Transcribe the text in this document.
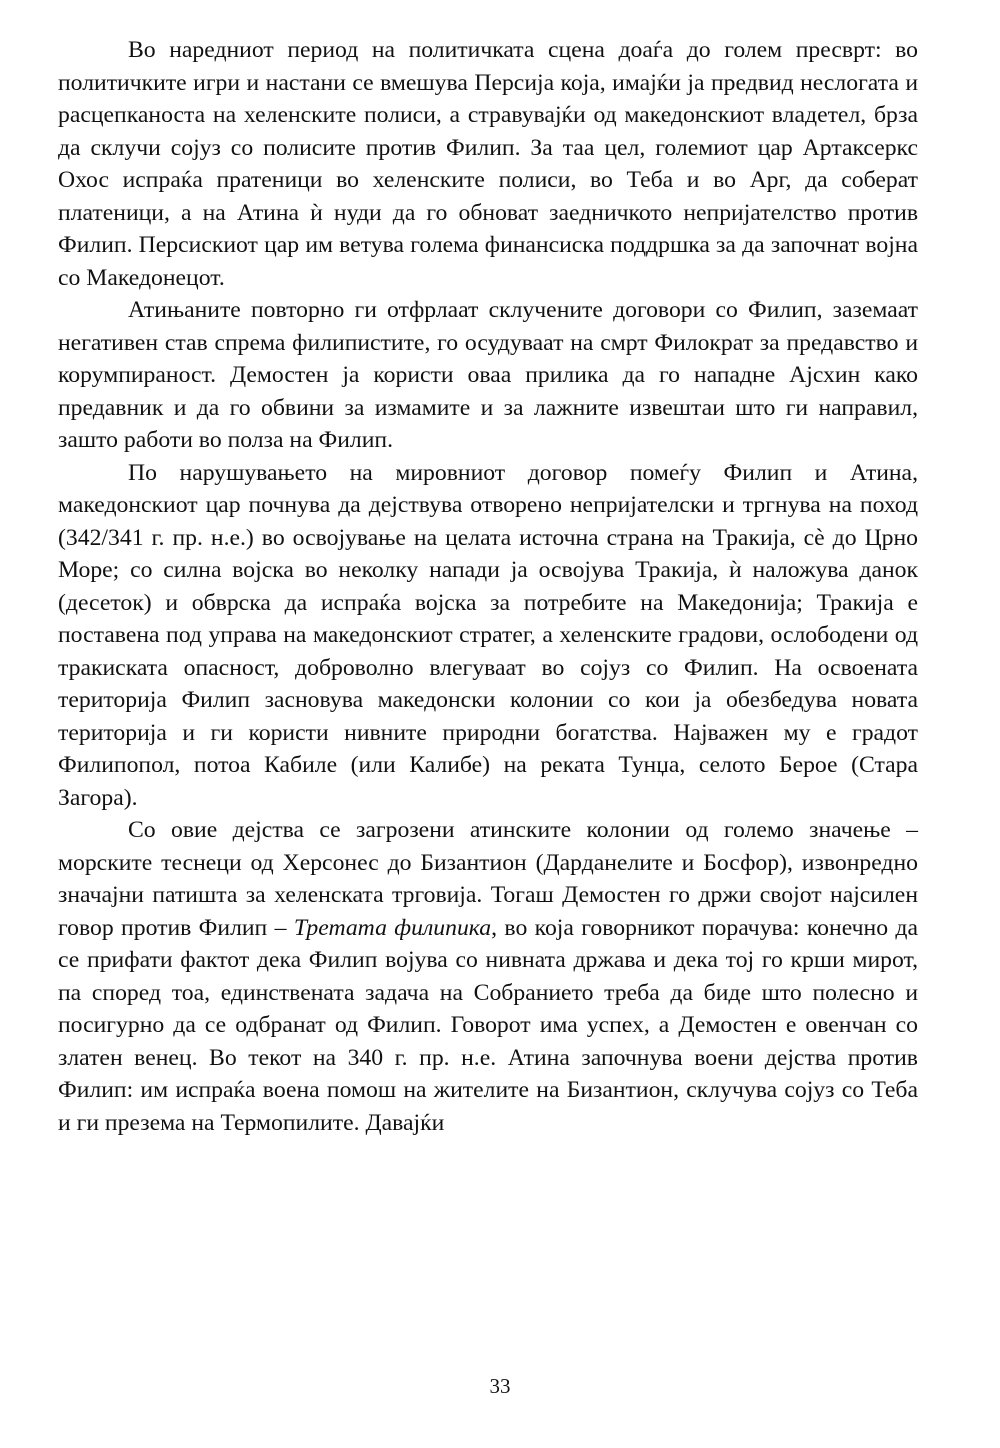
Во наредниот период на политичката сцена доаѓа до голем пресврт: во политичките игри и настани се вмешува Персија која, имајќи ја предвид неслогата и расцепканоста на хеленските полиси, а стравувајќи од македонскиот владетел, брза да склучи сојуз со полисите против Филип. За таа цел, големиот цар Артаксеркс Охос испраќа пратеници во хеленските полиси, во Теба и во Арг, да соберат платеници, а на Атина ѝ нуди да го обноват заедничкото непријателство против Филип. Персискиот цар им ветува голема финансиска поддршка за да започнат војна со Македонецот.

Атињаните повторно ги отфрлаат склучените договори со Филип, заземаат негативен став спрема филипистите, го осудуваат на смрт Филократ за предавство и корумпираност. Демостен ја користи оваа прилика да го нападне Ајсхин како предавник и да го обвини за измамите и за лажните извештаи што ги направил, зашто работи во полза на Филип.

По нарушувањето на мировниот договор помеѓу Филип и Атина, македонскиот цар почнува да дејствува отворено непријателски и тргнува на поход (342/341 г. пр. н.е.) во освојување на целата источна страна на Тракија, сè до Црно Море; со силна војска во неколку напади ја освојува Тракија, ѝ наложува данок (десеток) и обврска да испраќа војска за потребите на Македонија; Тракија е поставена под управа на македонскиот стратег, а хеленските градови, ослободени од тракиската опасност, доброволно влегуваат во сојуз со Филип. На освоената територија Филип засновува македонски колонии со кои ја обезбедува новата територија и ги користи нивните природни богатства. Најважен му е градот Филипопол, потоа Кабиле (или Калибе) на реката Тунџа, селото Берое (Стара Загора).

Со овие дејства се загрозени атинските колонии од големо значење – морските теснеци од Херсонес до Бизантион (Дарданелите и Босфор), извонредно значајни патишта за хеленската трговија. Тогаш Демостен го држи својот најсилен говор против Филип – Третата филипика, во која говорникот порачува: конечно да се прифати фактот дека Филип војува со нивната држава и дека тој го крши мирот, па според тоа, единствената задача на Собранието треба да биде што полесно и посигурно да се одбранат од Филип. Говорот има успех, а Демостен е овенчан со златен венец. Во текот на 340 г. пр. н.е. Атина започнува воени дејства против Филип: им испраќа воена помош на жителите на Бизантион, склучува сојуз со Теба и ги презема на Термопилите. Давајќи

33
